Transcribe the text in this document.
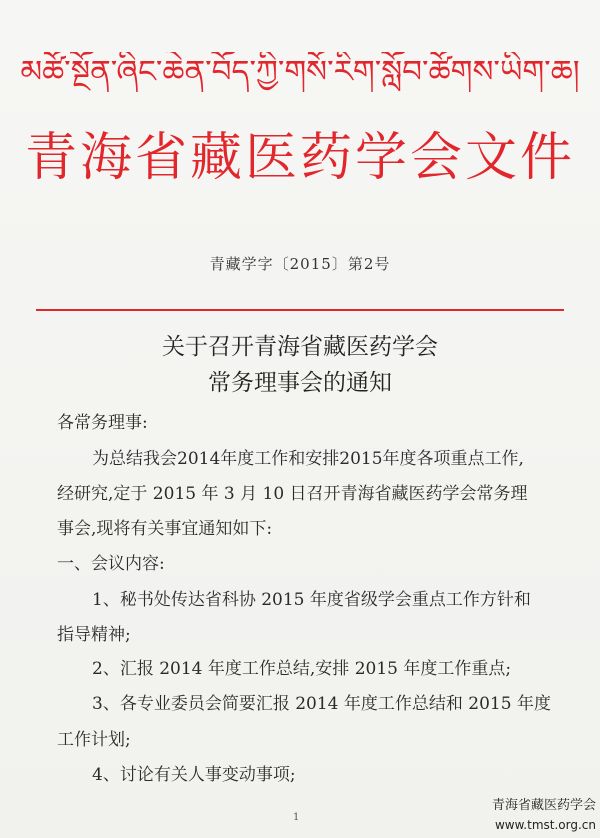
མཚོ་སྔོན་ཞིང་ཆེན་བོད་ཀྱི་གསོ་རིག་སློབ་ཚོགས་ཡིག་ཆ།
青海省藏医药学会文件
青藏学字〔2015〕第2号
关于召开青海省藏医药学会
常务理事会的通知
各常务理事:
为总结我会2014年度工作和安排2015年度各项重点工作,
经研究,定于 2015 年 3 月 10 日召开青海省藏医药学会常务理
事会,现将有关事宜通知如下:
一、会议内容:
1、秘书处传达省科协 2015 年度省级学会重点工作方针和
指导精神;
2、汇报 2014 年度工作总结,安排 2015 年度工作重点;
3、各专业委员会简要汇报 2014 年度工作总结和 2015 年度
工作计划;
4、讨论有关人事变动事项;
1
青海省藏医药学会
www.tmst.org.cn
